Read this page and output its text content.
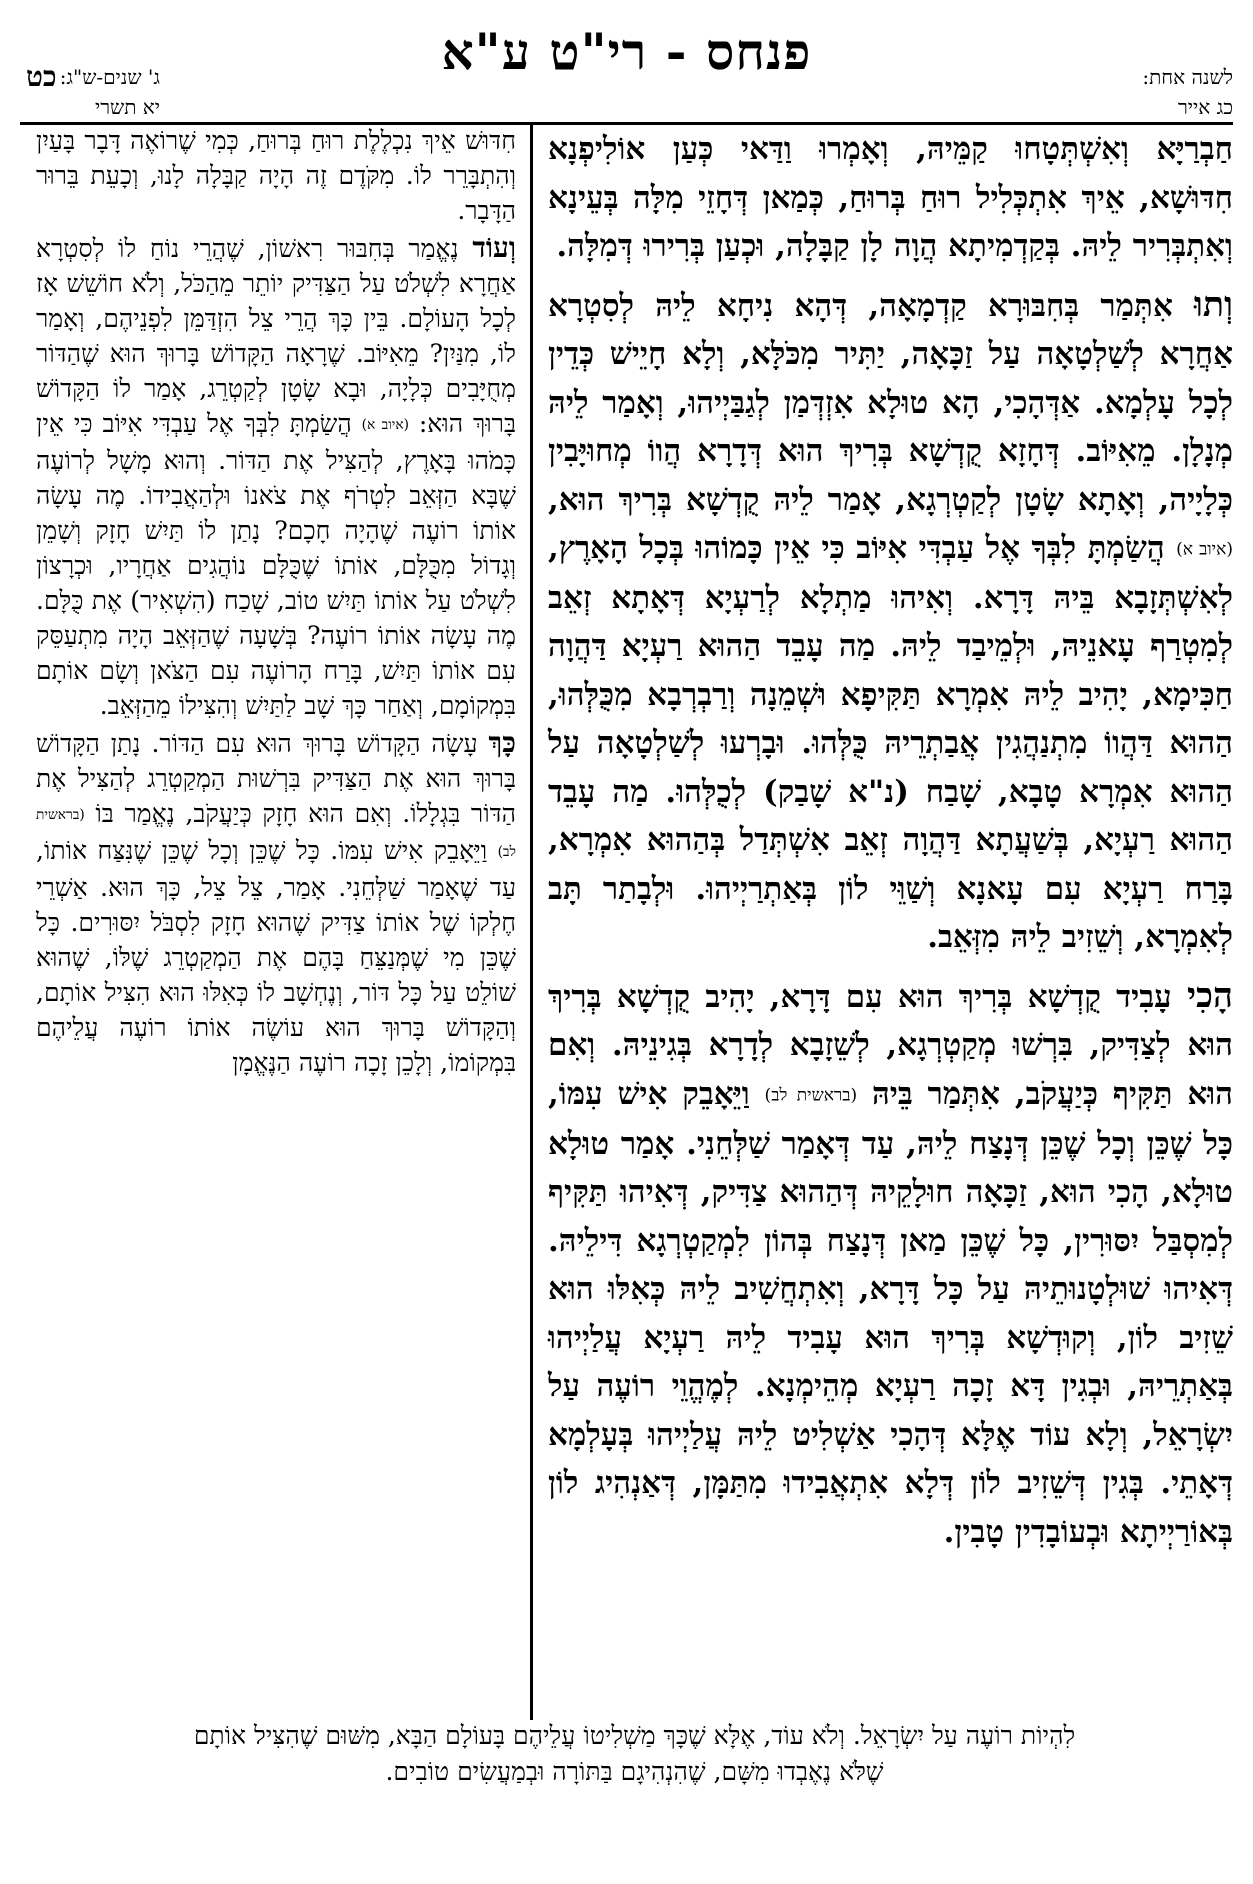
פנחס - רי"ט ע"א	לשנה אחת:
כג אייר
ג' שנים-ש"ג:
יא תשרי
כט

חַבְרַיָּא וְאִשְׁתְּטָחוּ קַמֵּיהּ, וְאָמְרוּ וַדַּאי כְּעַן אוֹלִיפְנָא חִדּוּשָׁא, אֵיךְ אִתְכְּלִיל רוּחַ בְּרוּחַ, כְּמַאן דְּחָזֵי מִלָּה בְּעֵינָא וְאִתְבְּרִיר לֵיהּ. בְּקַדְמִיתָא הֲוָה לָן קַבָּלָה, וּכְעַן בְּרִירוּ דְּמִלָּה.

וְתוּ אִתְּמַר בְּחִבּוּרָא קַדְמָאָה, דְּהָא נִיחָא לֵיהּ לְסִטְרָא אַחֲרָא לְשַׁלְטָאָה עַל זַכָּאָה, יַתִּיר מִכֹּלָּא, וְלָא חָיֵישׁ כְּדֵין לְכָל עָלְמָא. אַדְּהָכִי, הָא טוּלָא אִזְדְּמַן לְגַבַּיְיהוּ, וְאָמַר לֵיהּ מְנָלָן. מֵאִיּוֹב. דְּחָזָא קֻדְשָׁא בְּרִיךְ הוּא דְּדָרָא הֲווֹ מְחוּיָּבִין כְּלָיָיה, וְאָתָא שָׂטָן לְקַטְרְגָא, אָמַר לֵיהּ קֻדְשָׁא בְּרִיךְ הוּא, (איוב א) הֲשַׂמְתָּ לִבְּךָ אֶל עַבְדִּי אִיּוֹב כִּי אֵין כָּמוֹהוּ בְּכָל הָאָרֶץ, לְאִשְׁתְּזָבָא בֵּיהּ דָּרָא. וְאִיהוּ מַתְלָא לְרַעְיָא דְּאָתָא זְאֵב לְמִטְרַף עָאנֵיהּ, וּלְמֵיבַד לֵיהּ. מַה עָבֵד הַהוּא רַעְיָא דַּהֲוָה חַכִּימָא, יָהִיב לֵיהּ אִמְרָא תַּקִּיפָא וּשְׁמֵנָה וְרַבְרְבָא מִכֻּלְּהוּ, הַהוּא דַּהֲווֹ מִתְנַהֲגִין אֲבַתְרֵיהּ כֻּלְּהוּ. וּבָרְעוּ לְשַׁלְטָאָה עַל הַהוּא אִמְרָא טָבָא, שָׁבַח (נ"א שָׁבַק) לְכֻלְּהוּ. מַה עָבֵד הַהוּא רַעְיָא, בְּשַׁעֲתָא דַּהֲוָה זְאֵב אִשְׁתְּדַל בְּהַהוּא אִמְרָא, בָּרַח רַעְיָא עִם עָאנָא וְשַׁוֵּי לוֹן בְּאַתְרַיְיהוּ. וּלְבָתַר תָּב לְאִמְרָא, וְשֵׁזִיב לֵיהּ מִזְּאֵב.

הָכִי עָבִיד קֻדְשָׁא בְּרִיךְ הוּא עִם דָּרָא, יָהִיב קֻדְשָׁא בְּרִיךְ הוּא לְצַדִּיק, בִּרְשׁוּ מְקַטְרְגָא, לְשֵׁזָבָא לְדָרָא בְּגִינֵיהּ. וְאִם הוּא תַּקִּיף כְּיַעֲקֹב, אִתְּמַר בֵּיהּ (בראשית לב) וַיֵּאָבֵק אִישׁ עִמּוֹ, כָּל שֶׁכֵּן וְכָל שֶׁכֵּן דְּנָצַח לֵיהּ, עַד דְּאָמַר שַׁלְּחֵנִי. אָמַר טוּלָא טוּלָא, הָכִי הוּא, זַכָּאָה חוּלָקֵיהּ דְּהַהוּא צַדִּיק, דְּאִיהוּ תַּקִּיף לְמִסְבַּל יִסּוּרִין, כָּל שֶׁכֵּן מַאן דְּנָצַח בְּהוֹן לִמְקַטְרְגָא דִּילֵיהּ. דְּאִיהוּ שׁוּלְטָנוּתֵיהּ עַל כָּל דָּרָא, וְאִתְחֲשִׁיב לֵיהּ כְּאִלּוּ הוּא שֵׁזִיב לוֹן, וְקוּדְשָׁא בְּרִיךְ הוּא עָבִיד לֵיהּ רַעְיָא עֲלַיְיהוּ בְּאַתְרֵיהּ, וּבְגִין דָּא זָכָה רַעְיָא מְהֵימְנָא. לְמֶהֱוֵי רוֹעֶה עַל יִשְׂרָאֵל, וְלָא עוֹד אֶלָּא דְּהָכִי אַשְׁלִיט לֵיהּ עֲלַיְיהוּ בְּעָלְמָא דְּאָתֵי. בְּגִין דְּשֵׁזִיב לוֹן דְּלָא אִתְאֲבִידוּ מִתַּמָּן, דְּאַנְהִיג לוֹן בְּאוֹרַיְיתָא וּבְעוֹבָדִין טָבִין.

חִדּוּשׁ אֵיךְ נִכְלֶלֶת רוּחַ בְּרוּחַ, כְּמִי שֶׁרוֹאֶה דָּבָר בָּעַיִן וְהִתְבָּרֵר לוֹ. מִקֹּדֶם זֶה הָיָה קַבָּלָה לָנוּ, וְכָעֵת בֵּרוּר הַדָּבָר.

וְעוֹד נֶאֱמַר בְּחִבּוּר רִאשׁוֹן, שֶׁהֲרֵי נוֹחַ לוֹ לְסִטְרָא אַחֲרָא לִשְׁלֹט עַל הַצַּדִּיק יוֹתֵר מֵהַכֹּל, וְלֹא חוֹשֵׁשׁ אָז לְכָל הָעוֹלָם. בֵּין כָּךְ הֲרֵי צֵל הִזְדַּמֵּן לִפְנֵיהֶם, וְאָמַר לוֹ, מִנַּיִן? מֵאִיּוֹב. שֶׁרָאָה הַקָּדוֹשׁ בָּרוּךְ הוּא שֶׁהַדּוֹר מְחֻיָּבִים כְּלָיָה, וּבָא שָׂטָן לְקַטְרֵג, אָמַר לוֹ הַקָּדוֹשׁ בָּרוּךְ הוּא: (איוב א) הֲשַׂמְתָּ לִבְּךָ אֶל עַבְדִּי אִיּוֹב כִּי אֵין כָּמֹהוּ בָּאָרֶץ, לְהַצִּיל אֶת הַדּוֹר. וְהוּא מָשָׁל לְרוֹעֶה שֶׁבָּא הַזְּאֵב לִטְרֹף אֶת צֹאנוֹ וּלְהַאֲבִידוֹ. מֶה עָשָׂה אוֹתוֹ רוֹעֶה שֶׁהָיָה חָכָם? נָתַן לוֹ תַּיִשׁ חָזָק וְשָׁמֵן וְגָדוֹל מִכֻּלָּם, אוֹתוֹ שֶׁכֻּלָּם נוֹהֲגִים אַחֲרָיו, וּכְרָצוֹן לִשְׁלֹט עַל אוֹתוֹ תַּיִשׁ טוֹב, שָׁכַח (הִשְׁאִיר) אֶת כֻּלָּם. מֶה עָשָׂה אוֹתוֹ רוֹעֶה? בְּשָׁעָה שֶׁהַזְּאֵב הָיָה מִתְעַסֵּק עִם אוֹתוֹ תַּיִשׁ, בָּרַח הָרוֹעֶה עִם הַצֹּאן וְשָׂם אוֹתָם בִּמְקוֹמָם, וְאַחַר כָּךְ שָׁב לַתַּיִשׁ וְהִצִּילוֹ מֵהַזְּאֵב.

כָּךְ עָשָׂה הַקָּדוֹשׁ בָּרוּךְ הוּא עִם הַדּוֹר. נָתַן הַקָּדוֹשׁ בָּרוּךְ הוּא אֶת הַצַּדִּיק בִּרְשׁוּת הַמְקַטְרֵג לְהַצִּיל אֶת הַדּוֹר בִּגְלָלוֹ. וְאִם הוּא חָזָק כְּיַעֲקֹב, נֶאֱמַר בּוֹ (בראשית לב) וַיֵּאָבֵק אִישׁ עִמּוֹ. כָּל שֶׁכֵּן וְכָל שֶׁכֵּן שֶׁנִּצַּח אוֹתוֹ, עַד שֶׁאָמַר שַׁלְּחֵנִי. אָמַר, צֵל צֵל, כָּךְ הוּא. אַשְׁרֵי חֶלְקוֹ שֶׁל אוֹתוֹ צַדִּיק שֶׁהוּא חָזָק לִסְבֹּל יִסּוּרִים. כָּל שֶׁכֵּן מִי שֶׁמְּנַצֵּחַ בָּהֶם אֶת הַמְקַטְרֵג שֶׁלּוֹ, שֶׁהוּא שׁוֹלֵט עַל כָּל דּוֹר, וְנֶחְשָׁב לוֹ כְּאִלּוּ הוּא הִצִּיל אוֹתָם, וְהַקָּדוֹשׁ בָּרוּךְ הוּא עוֹשֶׂה אוֹתוֹ רוֹעֶה עֲלֵיהֶם בִּמְקוֹמוֹ, וְלָכֵן זָכָה רוֹעֶה הַנֶּאֱמָן

לִהְיוֹת רוֹעֶה עַל יִשְׂרָאֵל. וְלֹא עוֹד, אֶלָּא שֶׁכָּךְ מַשְׁלִיטוֹ עֲלֵיהֶם בָּעוֹלָם הַבָּא, מִשּׁוּם שֶׁהִצִּיל אוֹתָם

שֶׁלֹּא נֶאֶבְדוּ מִשָּׁם, שֶׁהִנְהִיגָם בַּתּוֹרָה וּבְמַעֲשִׂים טוֹבִים.
